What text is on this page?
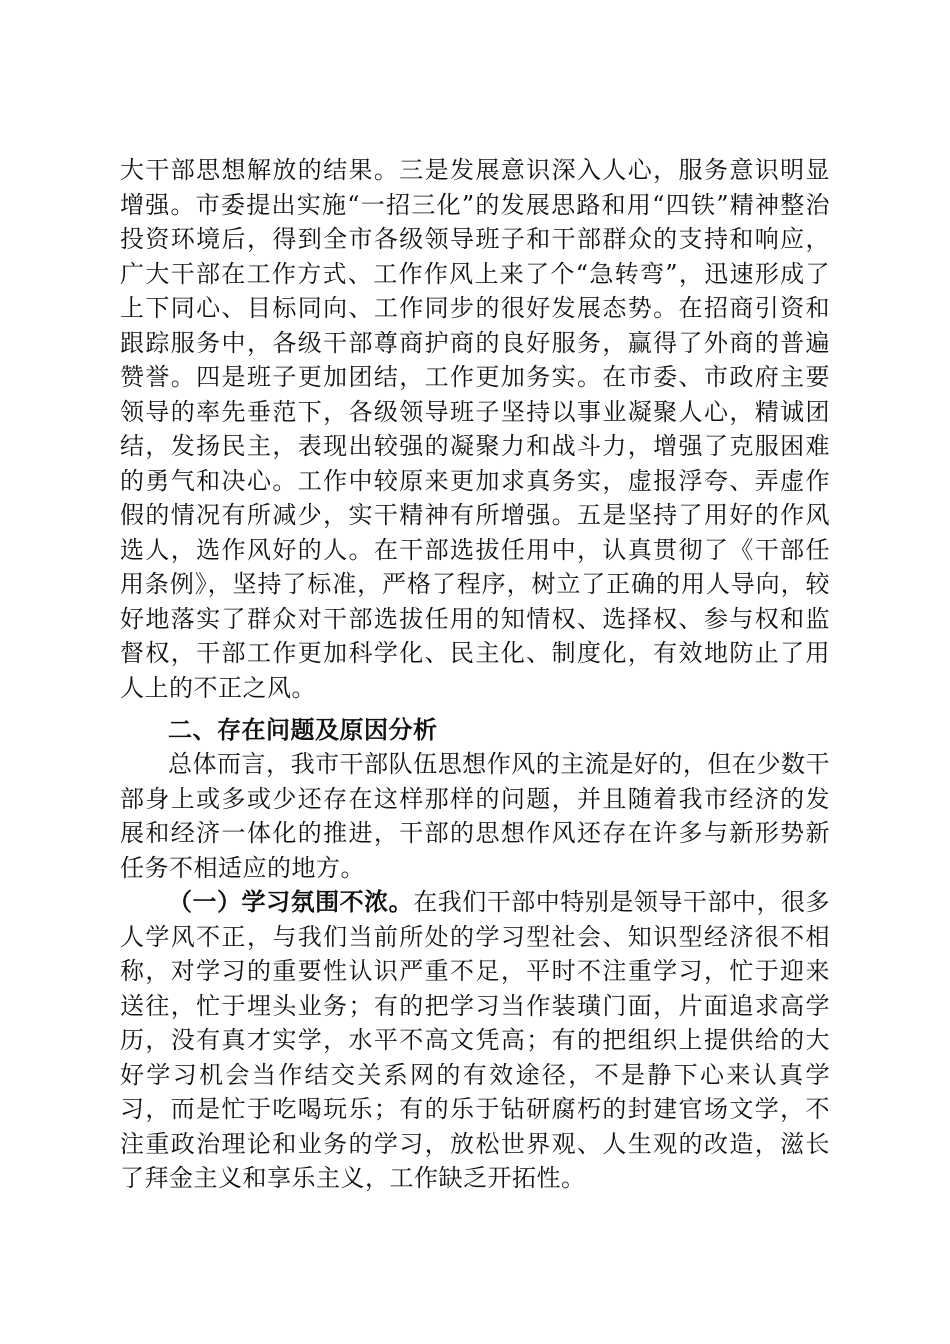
大干部思想解放的结果。三是发展意识深入人心，服务意识明显增强。市委提出实施“一招三化”的发展思路和用“四铁”精神整治投资环境后，得到全市各级领导班子和干部群众的支持和响应，广大干部在工作方式、工作作风上来了个“急转弯”，迅速形成了上下同心、目标同向、工作同步的很好发展态势。在招商引资和跟踪服务中，各级干部尊商护商的良好服务，赢得了外商的普遍赞誉。四是班子更加团结，工作更加务实。在市委、市政府主要领导的率先垂范下，各级领导班子坚持以事业凝聚人心，精诚团结，发扬民主，表现出较强的凝聚力和战斗力，增强了克服困难的勇气和决心。工作中较原来更加求真务实，虚报浮夸、弄虚作假的情况有所减少，实干精神有所增强。五是坚持了用好的作风选人，选作风好的人。在干部选拔任用中，认真贯彻了《干部任用条例》，坚持了标准，严格了程序，树立了正确的用人导向，较好地落实了群众对干部选拔任用的知情权、选择权、参与权和监督权，干部工作更加科学化、民主化、制度化，有效地防止了用人上的不正之风。

二、存在问题及原因分析

总体而言，我市干部队伍思想作风的主流是好的，但在少数干部身上或多或少还存在这样那样的问题，并且随着我市经济的发展和经济一体化的推进，干部的思想作风还存在许多与新形势新任务不相适应的地方。

（一）学习氛围不浓。在我们干部中特别是领导干部中，很多人学风不正，与我们当前所处的学习型社会、知识型经济很不相称，对学习的重要性认识严重不足，平时不注重学习，忙于迎来送往，忙于埋头业务；有的把学习当作装璜门面，片面追求高学历，没有真才实学，水平不高文凭高；有的把组织上提供给的大好学习机会当作结交关系网的有效途径，不是静下心来认真学习，而是忙于吃喝玩乐；有的乐于钻研腐朽的封建官场文学，不注重政治理论和业务的学习，放松世界观、人生观的改造，滋长了拜金主义和享乐主义，工作缺乏开拓性。
